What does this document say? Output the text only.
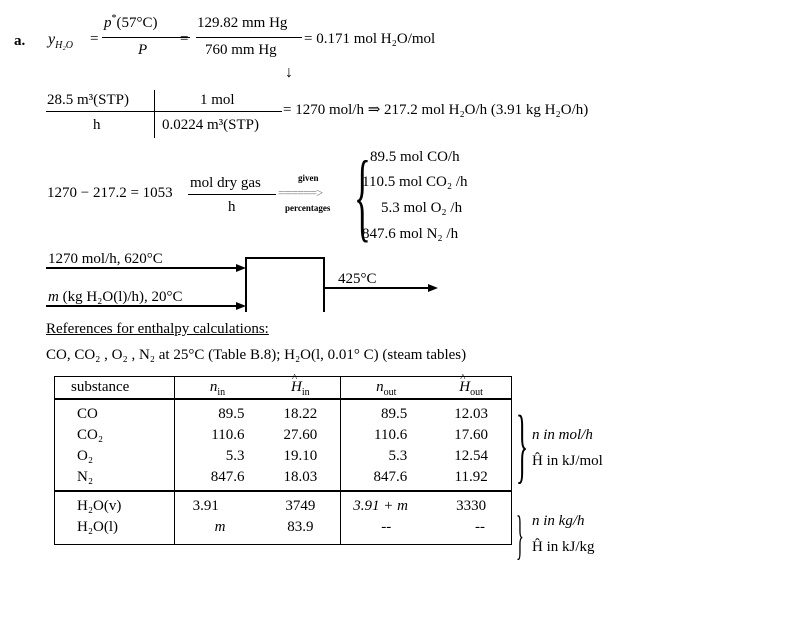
a. $y_{H_2O}$ =
p*(57°C)
P
=
129.82 mm Hg
760 mm Hg
= 0.171 mol H₂O/mol
↓
28.5 m³(STP)	1 mol
h	0.0224 m³(STP)
= 1270 mol/h ⇒ 217.2 mol H₂O/h (3.91 kg H₂O/h)
1270 − 217.2 = 1053
mol dry gas
h
given
======>
percentages { 89.5 mol CO/h
110.5 mol CO₂ /h
5.3 mol O₂ /h
847.6 mol N₂ /h
1270 mol/h, 620°C
m (kg H₂O(l)/h), 20°C
425°C
References for enthalpy calculations:
CO, CO₂ , O₂ , N₂ at 25°C (Table B.8); H₂O(l, 0.01° C) (steam tables)
substance	$n_{in}$	^ $H_{in}$	$n_{out}$	^ $H_{out}$
CO	89.5	18.22	89.5	12.03
CO₂	110.6	27.60	110.6	17.60
O₂	5.3	19.10	5.3	12.54
N₂	847.6	18.03	847.6	11.92
H₂O(v)	3.91	3749	3.91 + m	3330
H₂O(l)	m	83.9	--	--
} n in mol/h
Ĥ in kJ/mol
} n in kg/h
Ĥ in kJ/kg
